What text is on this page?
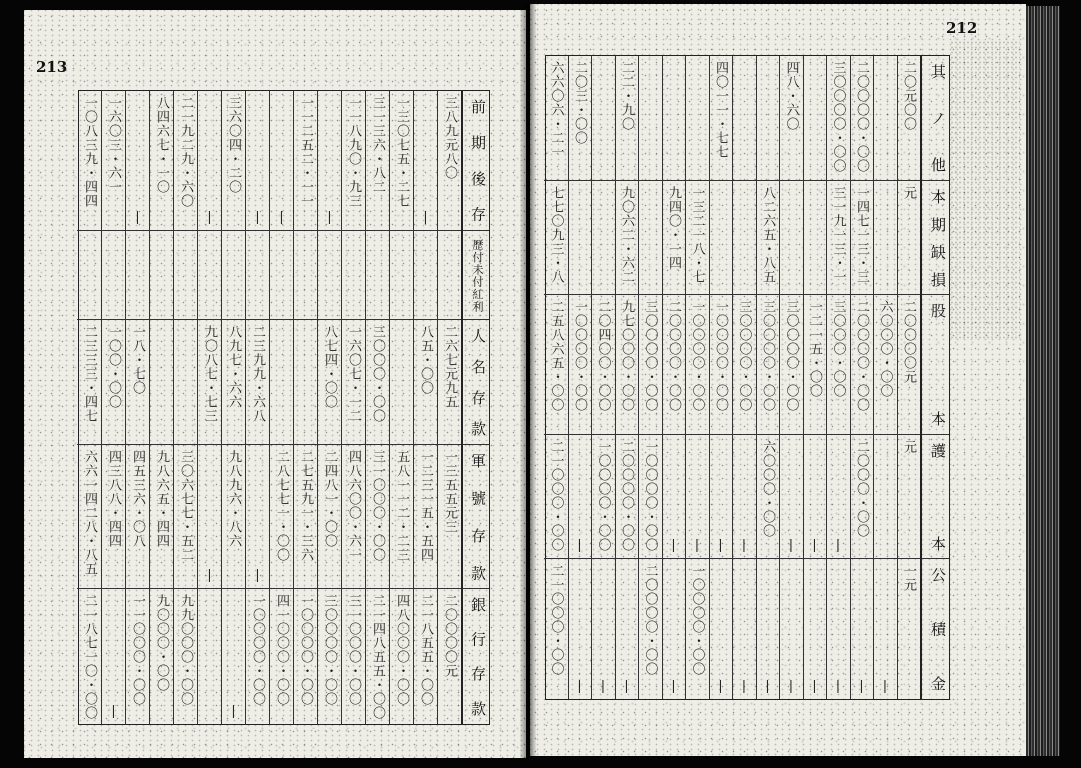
213
212
前期後存
歷付未付紅利
人名存款
軍號存款
銀行存款
三八九元八〇
二六七元九五
一三五五元三
二〇〇〇〇元
|
八五・〇〇
一二三一五・五四
二一八五五・〇〇
一三〇七五・二七
五八一一二・二三
四八〇〇〇・〇〇
三一三六・八二
三〇〇〇・〇〇
三一〇〇〇・〇〇
二一四八五五・〇〇
一一八九〇・九三
一六〇七・一二
四八六〇〇・六一
三一〇〇〇・〇〇
|
八七四・〇〇
二四八一・〇〇
三〇〇〇〇・〇〇
一一二五二・一一
二七五九一・三六
一〇〇〇〇・〇〇
|
二八七七一・〇〇
四一〇〇〇・〇〇
|
二三九九・六八
|
一〇〇〇〇・〇〇
三六〇四・二〇
八九七・六六
九八九六・八六
|
|
九〇八七・七三
|
二一九二九・六〇
三〇六七七・五二
九九〇〇〇・〇〇
八四六七・一〇
九八六五・四四
九〇〇〇・〇〇
|
一八・七〇
四五三六・〇八
一一〇〇〇・〇〇
一六〇三・六一
一〇〇・〇〇
四三八八・四四
|
一〇八三九・四四
二三三三・四七
六六一四二八・八五
二一八七一〇・〇〇
其ノ他
本期缺損
股本
護本
公積金
二〇元〇〇
元
二〇〇〇〇元
元
一元
六〇〇〇・〇〇
|
二〇〇〇〇・〇〇
一四七一三・三
二〇〇〇〇・〇〇
二〇〇〇・〇〇
|
三〇〇〇〇・〇〇
三一九一三・一
三〇〇〇・〇〇
|
|
一二一五・〇〇
|
|
四八・六〇
三〇〇〇〇・〇〇
|
|
八二六五・八五
三〇〇〇〇・〇〇
六〇〇〇・〇〇
|
三〇〇〇〇・〇〇
|
|
四〇一一・七七
一〇〇〇〇・〇〇
|
|
一三二一八・七
一〇〇〇〇・〇〇
|
一〇〇〇〇・〇〇
九四〇・一四
二〇〇〇〇・〇〇
|
|
三〇〇〇〇・〇〇
一〇〇〇〇・〇〇
二〇〇〇〇・〇〇
二二・九〇
九〇六二・六二
九七〇〇〇・〇〇
二〇〇〇〇・〇〇
|
二〇四〇〇・〇〇
一〇〇〇〇・〇〇
|
二〇三・〇〇
一〇〇〇〇・〇〇
|
|
六六〇六・二一
七七〇九三・八
二五八六五・〇〇
二一〇〇〇・〇〇
二一〇〇〇・〇〇
